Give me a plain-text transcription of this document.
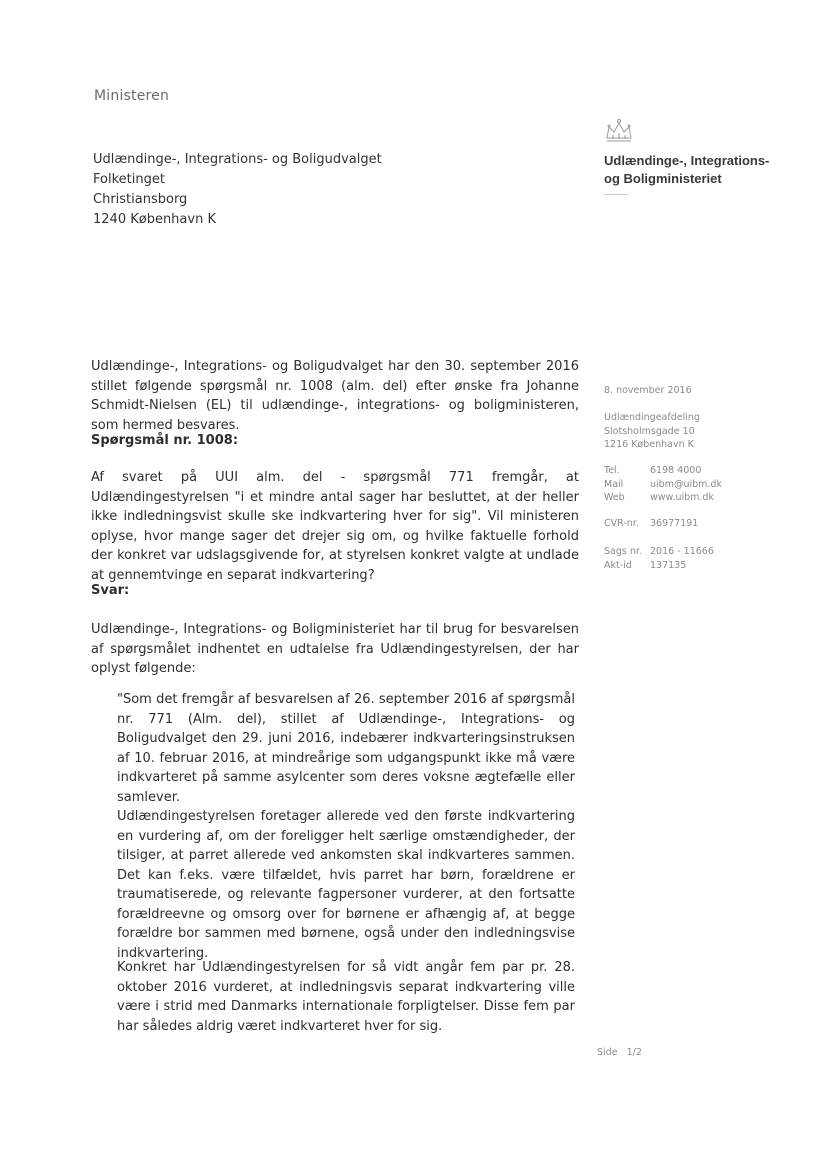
Ministeren
Udlændinge-, Integrations- og Boligudvalget
Folketinget
Christiansborg
1240 København K
Udlændinge-, Integrations-
og Boligministeriet
Udlændinge-, Integrations- og Boligudvalget har den 30. september 2016 stillet følgende spørgsmål nr. 1008 (alm. del) efter ønske fra Johanne Schmidt-Nielsen (EL) til udlændinge-, integrations- og boligministeren, som hermed besvares.
Spørgsmål nr. 1008:
Af svaret på UUI alm. del - spørgsmål 771 fremgår, at Udlændingestyrelsen "i et mindre antal sager har besluttet, at der heller ikke indledningsvist skulle ske indkvartering hver for sig". Vil ministeren oplyse, hvor mange sager det drejer sig om, og hvilke faktuelle forhold der konkret var udslagsgivende for, at styrelsen konkret valgte at undlade at gennemtvinge en separat indkvartering?
Svar:
Udlændinge-, Integrations- og Boligministeriet har til brug for besvarelsen af spørgsmålet indhentet en udtalelse fra Udlændingestyrelsen, der har oplyst følgende:
"Som det fremgår af besvarelsen af 26. september 2016 af spørgsmål nr. 771 (Alm. del), stillet af Udlændinge-, Integrations- og Boligudvalget den 29. juni 2016, indebærer indkvarteringsinstruksen af 10. februar 2016, at mindreårige som udgangspunkt ikke må være indkvarteret på samme asylcenter som deres voksne ægtefælle eller samlever.
Udlændingestyrelsen foretager allerede ved den første indkvartering en vurdering af, om der foreligger helt særlige omstændigheder, der tilsiger, at parret allerede ved ankomsten skal indkvarteres sammen. Det kan f.eks. være tilfældet, hvis parret har børn, forældrene er traumatiserede, og relevante fagpersoner vurderer, at den fortsatte forældreevne og omsorg over for børnene er afhængig af, at begge forældre bor sammen med børnene, også under den indledningsvise indkvartering.
Konkret har Udlændingestyrelsen for så vidt angår fem par pr. 28. oktober 2016 vurderet, at indledningsvis separat indkvartering ville være i strid med Danmarks internationale forpligtelser. Disse fem par har således aldrig været indkvarteret hver for sig.
8. november 2016
Udlændingeafdeling
Slotsholmsgade 10
1216 København K
Tel.	6198 4000
Mail	uibm@uibm.dk
Web	www.uibm.dk
CVR-nr. 36977191
Sags nr. 2016 - 11666
Akt-id 137135
Side 1/2
